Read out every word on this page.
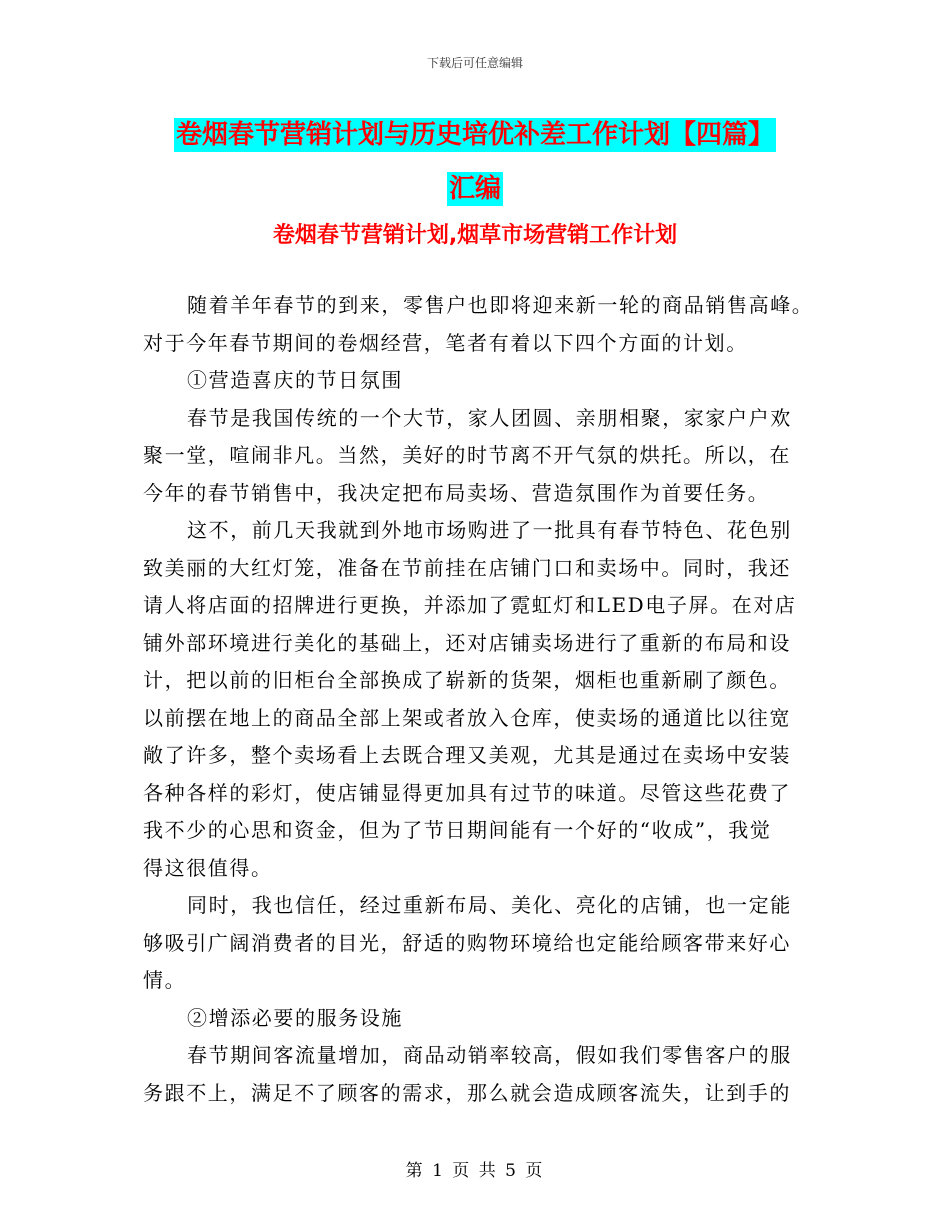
下载后可任意编辑
卷烟春节营销计划与历史培优补差工作计划【四篇】
汇编
卷烟春节营销计划,烟草市场营销工作计划
随着羊年春节的到来，零售户也即将迎来新一轮的商品销售高峰。
对于今年春节期间的卷烟经营，笔者有着以下四个方面的计划。
①营造喜庆的节日氛围
春节是我国传统的一个大节，家人团圆、亲朋相聚，家家户户欢
聚一堂，喧闹非凡。当然，美好的时节离不开气氛的烘托。所以，在
今年的春节销售中，我决定把布局卖场、营造氛围作为首要任务。
这不，前几天我就到外地市场购进了一批具有春节特色、花色别
致美丽的大红灯笼，准备在节前挂在店铺门口和卖场中。同时，我还
请人将店面的招牌进行更换，并添加了霓虹灯和LED电子屏。在对店
铺外部环境进行美化的基础上，还对店铺卖场进行了重新的布局和设
计，把以前的旧柜台全部换成了崭新的货架，烟柜也重新刷了颜色。
以前摆在地上的商品全部上架或者放入仓库，使卖场的通道比以往宽
敞了许多，整个卖场看上去既合理又美观，尤其是通过在卖场中安装
各种各样的彩灯，使店铺显得更加具有过节的味道。尽管这些花费了
我不少的心思和资金，但为了节日期间能有一个好的“收成”，我觉
得这很值得。
同时，我也信任，经过重新布局、美化、亮化的店铺，也一定能
够吸引广阔消费者的目光，舒适的购物环境给也定能给顾客带来好心
情。
②增添必要的服务设施
春节期间客流量增加，商品动销率较高，假如我们零售客户的服
务跟不上，满足不了顾客的需求，那么就会造成顾客流失，让到手的
第 1 页 共 5 页
